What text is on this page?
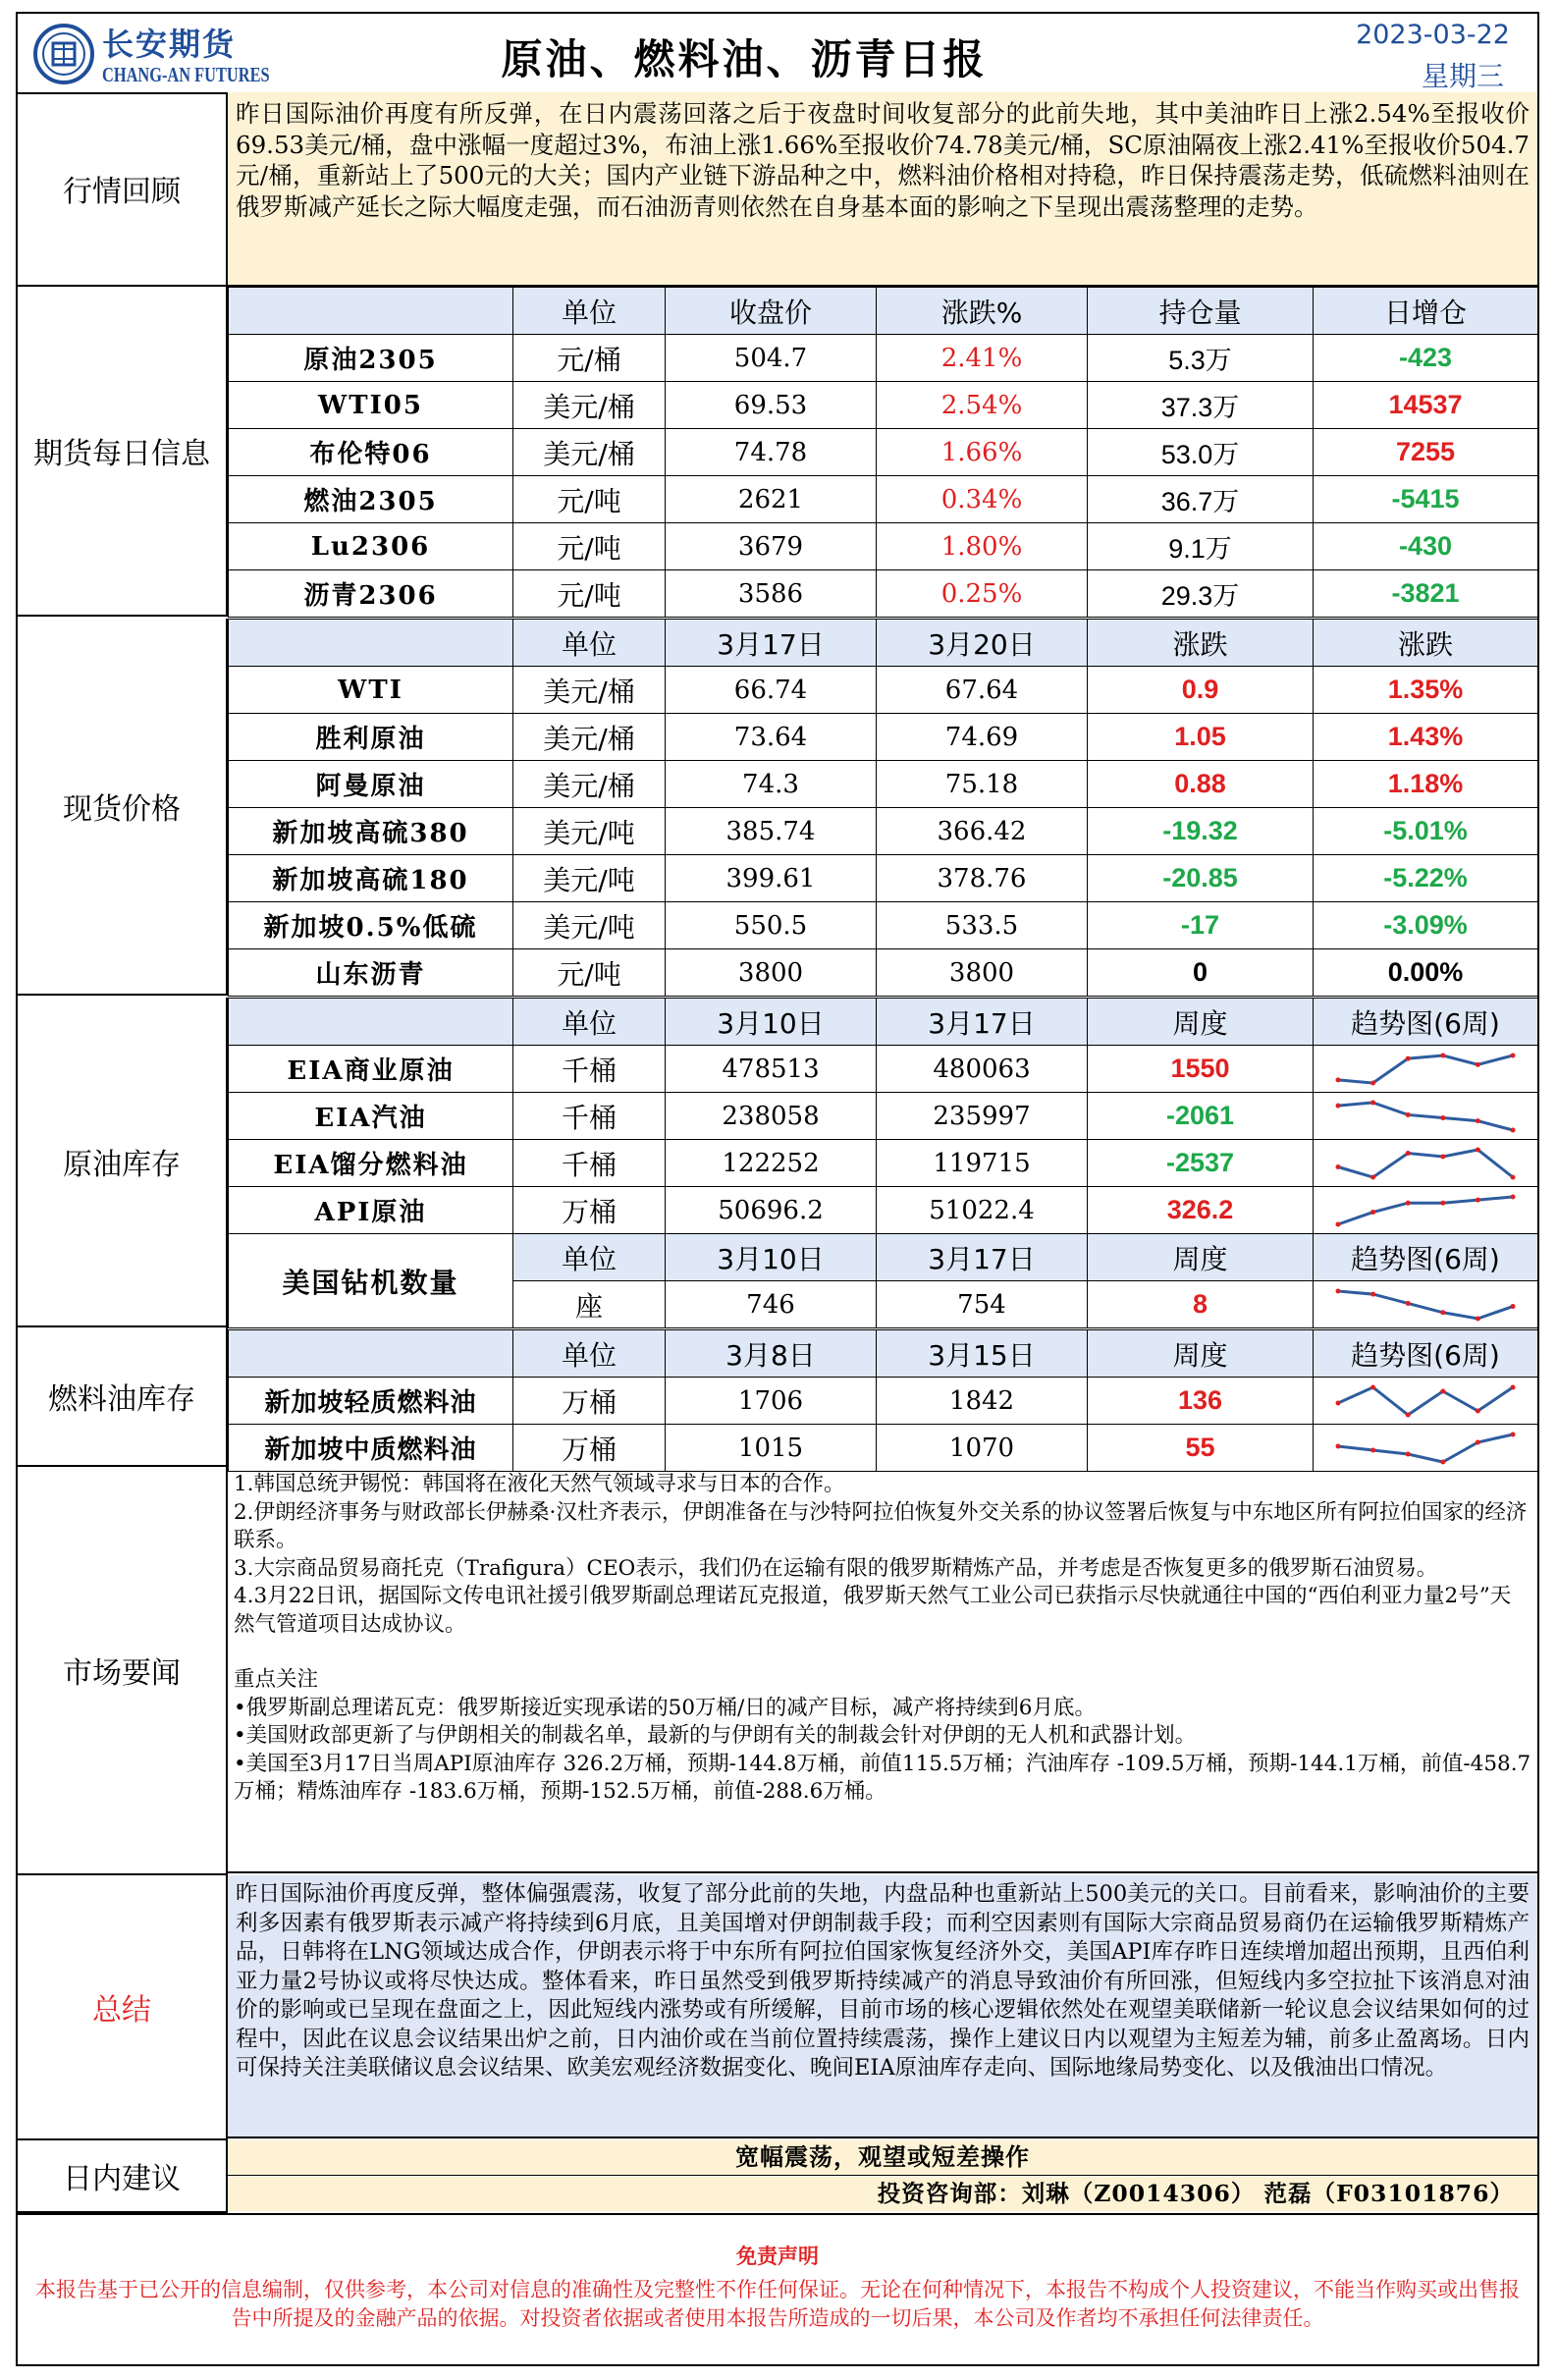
长安期货
CHANG-AN FUTURES	原油、燃料油、沥青日报
2023-03-22
星期三
行情回顾
昨日国际油价再度有所反弹，在日内震荡回落之后于夜盘时间收复部分的此前失地，其中美油昨日上涨2.54%至报收价69.53美元/桶，盘中涨幅一度超过3%，布油上涨1.66%至报收价74.78美元/桶，SC原油隔夜上涨2.41%至报收价504.7元/桶，重新站上了500元的大关；国内产业链下游品种之中，燃料油价格相对持稳，昨日保持震荡走势，低硫燃料油则在俄罗斯减产延长之际大幅度走强，而石油沥青则依然在自身基本面的影响之下呈现出震荡整理的走势。
期货每日信息
	单位	收盘价	涨跌%	持仓量	日增仓
原油2305	元/桶	504.7	2.41%	5.3万	-423
WTI05	美元/桶	69.53	2.54%	37.3万	14537
布伦特06	美元/桶	74.78	1.66%	53.0万	7255
燃油2305	元/吨	2621	0.34%	36.7万	-5415
Lu2306	元/吨	3679	1.80%	9.1万	-430
沥青2306	元/吨	3586	0.25%	29.3万	-3821
现货价格
	单位	3月17日	3月20日	涨跌	涨跌
WTI	美元/桶	66.74	67.64	0.9	1.35%
胜利原油	美元/桶	73.64	74.69	1.05	1.43%
阿曼原油	美元/桶	74.3	75.18	0.88	1.18%
新加坡高硫380	美元/吨	385.74	366.42	-19.32	-5.01%
新加坡高硫180	美元/吨	399.61	378.76	-20.85	-5.22%
新加坡0.5%低硫	美元/吨	550.5	533.5	-17	-3.09%
山东沥青	元/吨	3800	3800	0	0.00%
原油库存
	单位	3月10日	3月17日	周度	趋势图(6周)
EIA商业原油	千桶	478513	480063	1550	

EIA汽油	千桶	238058	235997	-2061	

EIA馏分燃料油	千桶	122252	119715	-2537	

API原油	万桶	50696.2	51022.4	326.2	

美国钻机数量	单位	3月10日	3月17日	周度	趋势图(6周)
	座	746	754	8	
燃料油库存
	单位	3月8日	3月15日	周度	趋势图(6周)
新加坡轻质燃料油	万桶	1706	1842	136	

新加坡中质燃料油	万桶	1015	1070	55	
市场要闻

1.韩国总统尹锡悦：韩国将在液化天然气领域寻求与日本的合作。

2.伊朗经济事务与财政部长伊赫桑·汉杜齐表示，伊朗准备在与沙特阿拉伯恢复外交关系的协议签署后恢复与中东地区所有阿拉伯国家的经济联系。

3.大宗商品贸易商托克（Trafigura）CEO表示，我们仍在运输有限的俄罗斯精炼产品，并考虑是否恢复更多的俄罗斯石油贸易。

4.3月22日讯，据国际文传电讯社援引俄罗斯副总理诺瓦克报道，俄罗斯天然气工业公司已获指示尽快就通往中国的“西伯利亚力量2号”天然气管道项目达成协议。

重点关注

•俄罗斯副总理诺瓦克：俄罗斯接近实现承诺的50万桶/日的减产目标，减产将持续到6月底。

•美国财政部更新了与伊朗相关的制裁名单，最新的与伊朗有关的制裁会针对伊朗的无人机和武器计划。

•美国至3月17日当周API原油库存 326.2万桶，预期-144.8万桶，前值115.5万桶；汽油库存 -109.5万桶，预期-144.1万桶，前值-458.7万桶；精炼油库存 -183.6万桶，预期-152.5万桶，前值-288.6万桶。

总结
昨日国际油价再度反弹，整体偏强震荡，收复了部分此前的失地，内盘品种也重新站上500美元的关口。目前看来，影响油价的主要利多因素有俄罗斯表示减产将持续到6月底，且美国增对伊朗制裁手段；而利空因素则有国际大宗商品贸易商仍在运输俄罗斯精炼产品，日韩将在LNG领域达成合作，伊朗表示将于中东所有阿拉伯国家恢复经济外交，美国API库存昨日连续增加超出预期，且西伯利亚力量2号协议或将尽快达成。整体看来，昨日虽然受到俄罗斯持续减产的消息导致油价有所回涨，但短线内多空拉扯下该消息对油价的影响或已呈现在盘面之上，因此短线内涨势或有所缓解，目前市场的核心逻辑依然处在观望美联储新一轮议息会议结果如何的过程中，因此在议息会议结果出炉之前，日内油价或在当前位置持续震荡，操作上建议日内以观望为主短差为辅，前多止盈离场。日内可保持关注美联储议息会议结果、欧美宏观经济数据变化、晚间EIA原油库存走向、国际地缘局势变化、以及俄油出口情况。
日内建议
宽幅震荡，观望或短差操作
投资咨询部：刘琳（Z0014306） 范磊（F03101876）
免责声明
本报告基于已公开的信息编制，仅供参考，本公司对信息的准确性及完整性不作任何保证。无论在何种情况下，本报告不构成个人投资建议，不能当作购买或出售报告中所提及的金融产品的依据。对投资者依据或者使用本报告所造成的一切后果，本公司及作者均不承担任何法律责任。
